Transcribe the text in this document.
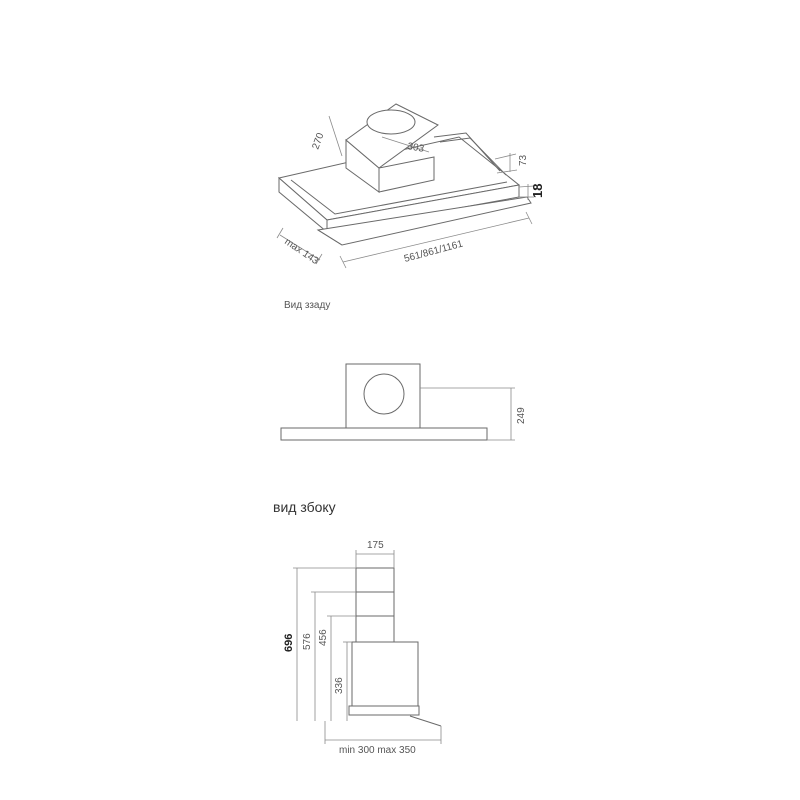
270	303
73
18
max 143	561/861/1161
249
175
696 576 456
336
min 300 max 350
Вид ззаду
вид збоку
